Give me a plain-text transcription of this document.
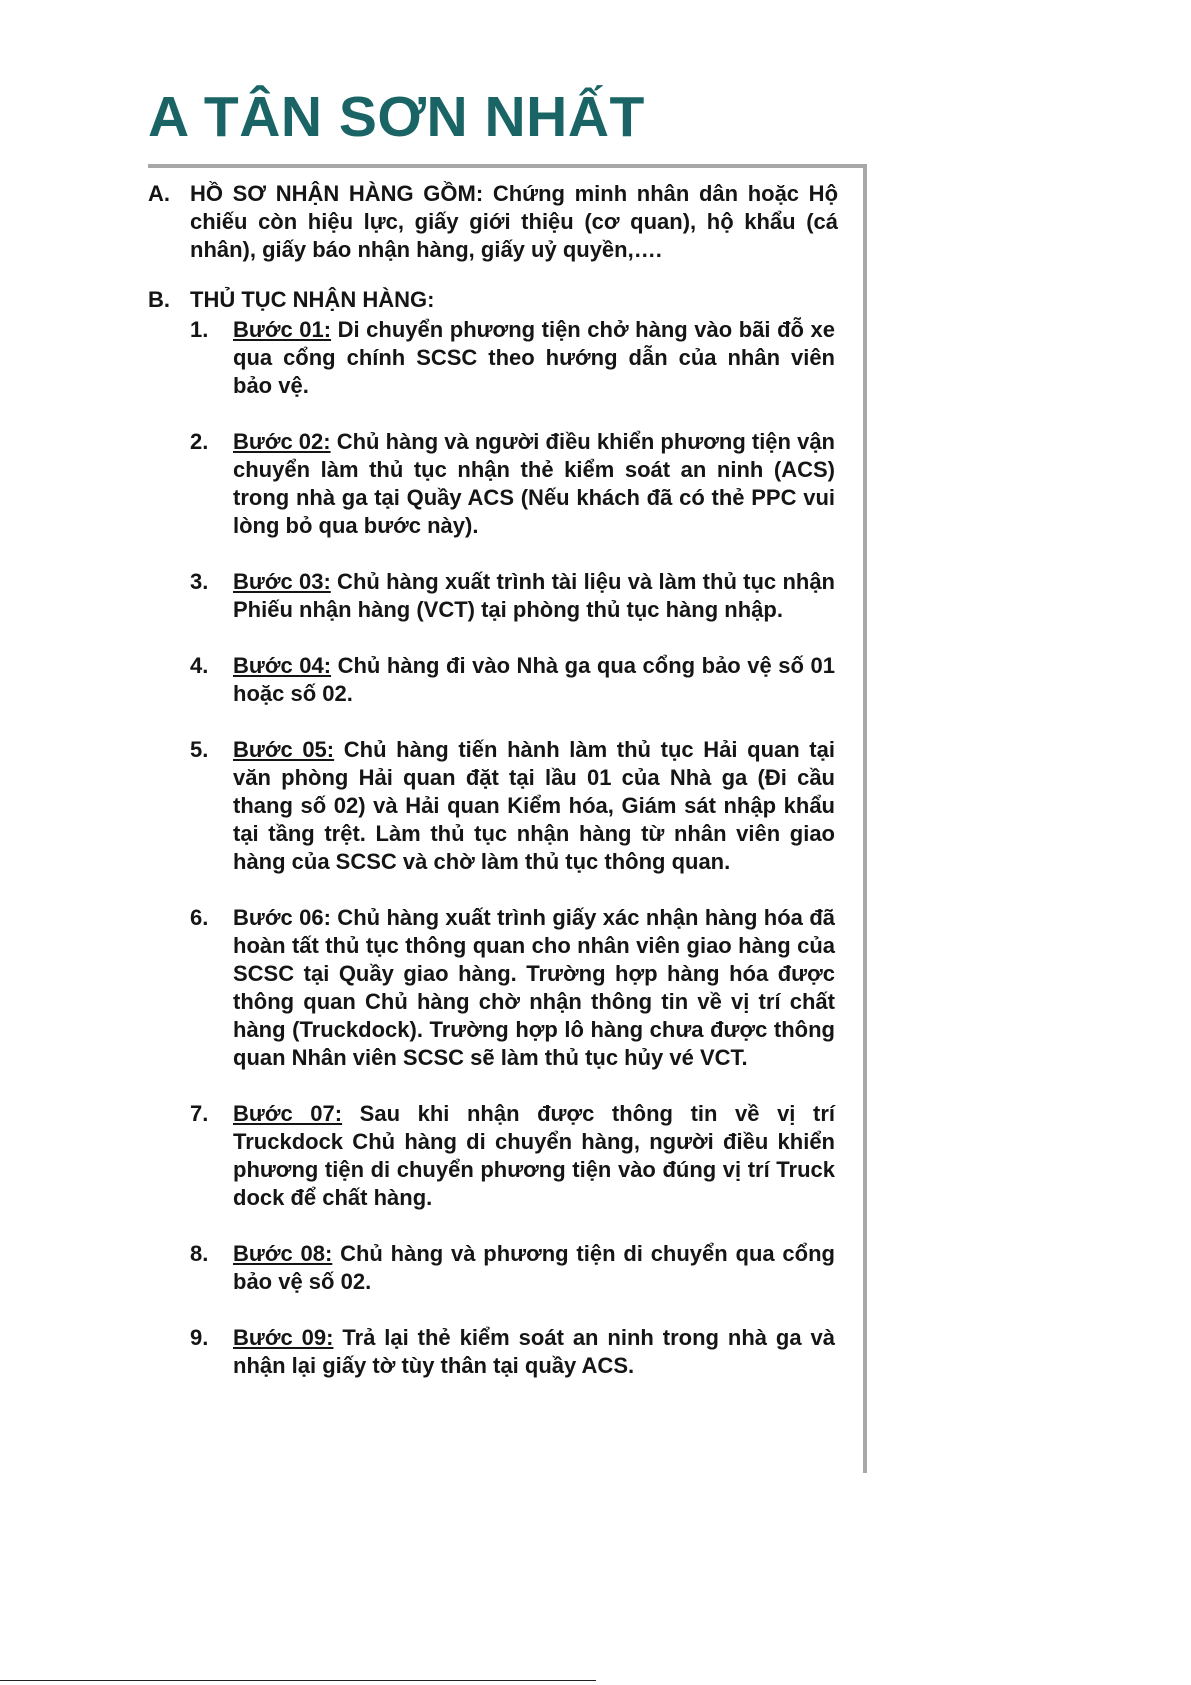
A TÂN SƠN NHẤT
A. HỒ SƠ NHẬN HÀNG GỒM: Chứng minh nhân dân hoặc Hộ chiếu còn hiệu lực, giấy giới thiệu (cơ quan), hộ khẩu (cá nhân), giấy báo nhận hàng, giấy uỷ quyền,….
B. THỦ TỤC NHẬN HÀNG:
1.	Bước 01: Di chuyển phương tiện chở hàng vào bãi đỗ xe qua cổng chính SCSC theo hướng dẫn của nhân viên bảo vệ.
2.	Bước 02: Chủ hàng và người điều khiển phương tiện vận chuyển làm thủ tục nhận thẻ kiểm soát an ninh (ACS) trong nhà ga tại Quầy ACS (Nếu khách đã có thẻ PPC vui lòng bỏ qua bước này).
3.	Bước 03: Chủ hàng xuất trình tài liệu và làm thủ tục nhận Phiếu nhận hàng (VCT) tại phòng thủ tục hàng nhập.
4.	Bước 04: Chủ hàng đi vào Nhà ga qua cổng bảo vệ số 01 hoặc số 02.
5.	Bước 05: Chủ hàng tiến hành làm thủ tục Hải quan tại văn phòng Hải quan đặt tại lầu 01 của Nhà ga (Đi cầu thang số 02) và Hải quan Kiểm hóa, Giám sát nhập khẩu tại tầng trệt. Làm thủ tục nhận hàng từ nhân viên giao hàng của SCSC và chờ làm thủ tục thông quan.
6.	Bước 06: Chủ hàng xuất trình giấy xác nhận hàng hóa đã hoàn tất thủ tục thông quan cho nhân viên giao hàng của SCSC tại Quầy giao hàng. Trường hợp hàng hóa được thông quan Chủ hàng chờ nhận thông tin về vị trí chất hàng (Truckdock). Trường hợp lô hàng chưa được thông quan Nhân viên SCSC sẽ làm thủ tục hủy vé VCT.
7.	Bước 07: Sau khi nhận được thông tin về vị trí Truckdock Chủ hàng di chuyển hàng, người điều khiển phương tiện di chuyển phương tiện vào đúng vị trí Truck dock để chất hàng.
8.	Bước 08: Chủ hàng và phương tiện di chuyển qua cổng bảo vệ số 02.
9.	Bước 09: Trả lại thẻ kiểm soát an ninh trong nhà ga và nhận lại giấy tờ tùy thân tại quầy ACS.
